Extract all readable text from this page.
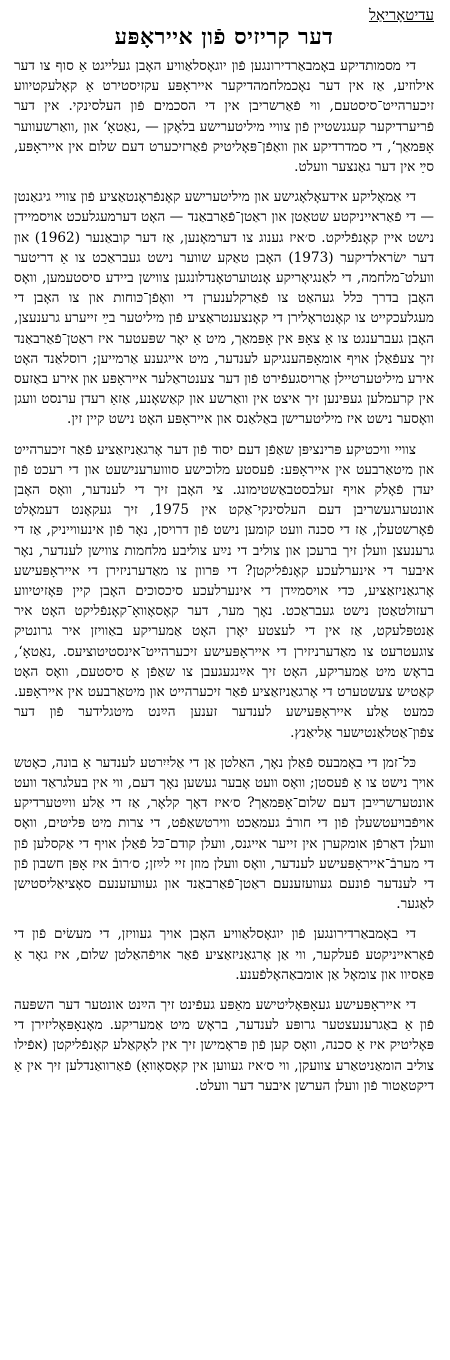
עדיטאָריאַל

דער קריזיס פֿון אייראָפּע

די מסמותדיקע באָמבאַרדירונגען פֿון יוגאָסלאַוויע האָבן געלייגט אַ סוף צו דער אילוזיע, אַז אין דער נאָכמלחמהדיקער אייראָפּע עקזיסטירט אַ קאָלעקטיווע זיכערהייט־סיסטעם, ווי פֿאַרשריבן אין די הסכמים פֿון העלסינקי. אין דער פֿריערדיקער קעגנשטיין פֿון צוויי מיליטערישע בלאָקן — ‚נאַטאָ‘ און ‚וואַרשעווער אָפּמאַך‘, די סמדרדיקע און וואַפֿן־פּאָליטיק פֿאַרזיכערט דעם שלום אין אייראָפּע, סײַ אין דער גאַנצער וועלט.

די אַמאָליקע אידעאָלאָגישע און מיליטערישע קאָנפֿראָנטאַציע פֿון צוויי גיגאַנטן — די פֿאַראייניקטע שטאַטן און ראַטן־פֿאַרבאַנד — האָט דערמעגלעכט אויסמיידן נישט איין קאָנפֿליקט. ס׳איז גענוג צו דערמאָנען, אַז דער קובאַנער (1962) און דער ישׂראלדיקער (1973) האָבן טאַקע שווער נישט געבראַכט צו אַ דריטער וועלט־מלחמה, די לאַנגיאָריקע אָנטוערטאָנדלונגען צווישן ביידע סיסטעמען, וואָס האָבן בדרך כּלל געהאַט צו פֿאַרקלענערן די וואָפֿן־כּוחות און צו האָבן די מעגלעכקייט צו קאָנטראָלירן די קאָנצענטראַציע פֿון מיליטער בײַ זייערע גרענעצן, האָבן געברענגט צו אַ צאָפּ אין אָפּמאַך, מיט אַ יאָר שפּעטער איז ראַטן־פֿאַרבאַנד זיך צעפֿאַלן אויף אומאָפּהענגיקע לענדער, מיט אייגענע אַרמייען; רוסלאַנד האָט אירע מיליטערטיילן אַרויסגעפֿירט פֿון דער צענטראַלער אייראָפּע און אירע באַזעס אין קרעמלען געפּינען זיך איצט אין וואַרשע און קאַשאָנע, אַזאַ רעדן ערנסט וועגן וואָסער נישט איז מיליטערישן באַלאַנס און אייראָפּע האָט נישט קיין זין.

צוויי וויכטיקע פּרינציפּן שאַפֿן דעם יסוד פֿון דער אָרגאַניזאַציע פֿאַר זיכערהייט און מיטאַרבעט אין אייראָפּע: פֿעסטע מלוכישע סוווערענישעט און די רעכט פֿון יעדן פֿאָלק אויף זעלבסטבאַשטימונג. צי האָבן זיך די לענדער, וואָס האָבן אונטערגעשריבן דעם העלסינקי־אַקט אין 1975, זיך געקאָנט דעמאָלט פֿאָרשטעלן, אַז די סכנה וועט קומען נישט פֿון דרויסן, נאָר פֿון אינעווייניק, אַז די גרענעצן וועלן זיך ברעכן און צוליב די נײַע צוליבע מלחמות צווישן לענדער, נאָר איבער די אינערלעכע קאָנפֿליקטן? די פּרוון צו מאַדערניזירן די אייראָפּעישע אָרגאַניזאַציע, כּדי אויסמײַדן די אינערלעכע סיכסוכים האָבן קיין פּאָזיטיווע רעזולטאַטן נישט געבראַכט. נאָך מער, דער קאָסאָוואָ־קאָנפֿליקט האָט איר אַנטפּלעקט, אַז אין די לעצטע יאָרן האָט אַמעריקע באַוויזן איר גרונטיק צוגעטרעט צו מאַדערניזירן די אייראָפּעישע זיכערהייט־אינסטיטוציעס. ‚נאַטאָ‘, בראָש מיט אַמעריקע, האָט זיך אײַנגעגעבן צו שאַפֿן אַ סיסטעם, וואָס האָט קאַטיש צעשטערט די אָרגאַניזאַציע פֿאַר זיכערהייט און מיטאַרבעט אין אייראָפּע. כּמעט אַלע אייראָפּעישע לענדער זענען הײַנט מיטגלידער פֿון דער צפֿון־אַטלאַנטישער אַליאַנץ.

כּל־זמן די באָמבעס פֿאַלן נאָך, האַלטן אַן די אַליִיִרטע לענדער אַ בונה, כאָטש אויך נישט צו אַ פֿעסטן; וואָס וועט אָבער געשען נאָך דעם, ווי אין בעלגראַד וועט אונטערשרײַבן דעם שלום־אָפּמאַך? ס׳איז דאָך קלאָר, אַז די אַלע ווײַטערדיקע אויפֿבויעטשעלן פֿון די חורבֿ געמאַכט ווירטשאַפֿט, די צרות מיט פּליטים, וואָס וועלן דאַרפֿן אומקערן אין זייער אייגנס, וועלן קודם־כּל פֿאַלן אויף די אַקסלען פֿון די מערבֿ־אייראָפּעישע לענדער, וואָס וועלן מוזן זיי לײַזן; ס׳רובֿ איז אָפּן חשבון פֿון די לענדער פֿונעם געוועזענעם ראַטן־פֿאַרבאַנד און געוועזענעם סאָציאַליסטישן לאַגער.

די באָמבאַרדירונגען פֿון יוגאָסלאַוויע האָבן אויך געוויזן, די מעשׂים פֿון די פֿאַראייניקטע פֿעלקער, ווי אַן אָרגאַניזאַציע פֿאַר אויפֿהאַלטן שלום, איז גאָר אַ פּאַסיוו און צומאָל אַן אומבאַהאָלפֿענע.

די אייראָפּעישע געאָפּאָליטישע מאַפּע געפֿינט זיך הײַנט אונטער דער השפּעה פֿון אַ באַגרענעצטער גרופּע לענדער, בראָש מיט אַמעריקע. מאָנאָפּאָליזירן די פּאָליטיק איז אַ סכנה, וואָס קען פֿון פּראָמישן זיך אין לאָקאַלע קאָנפֿליקטן (אפֿילו צוליב הומאַניטאַרע צוועקן, ווי ס׳איז געווען אין קאָסאָוואָ) פֿאַרוואַנדלען זיך אין אַ דיקטאַטור פֿון וועלן הערשן איבער דער וועלט.
